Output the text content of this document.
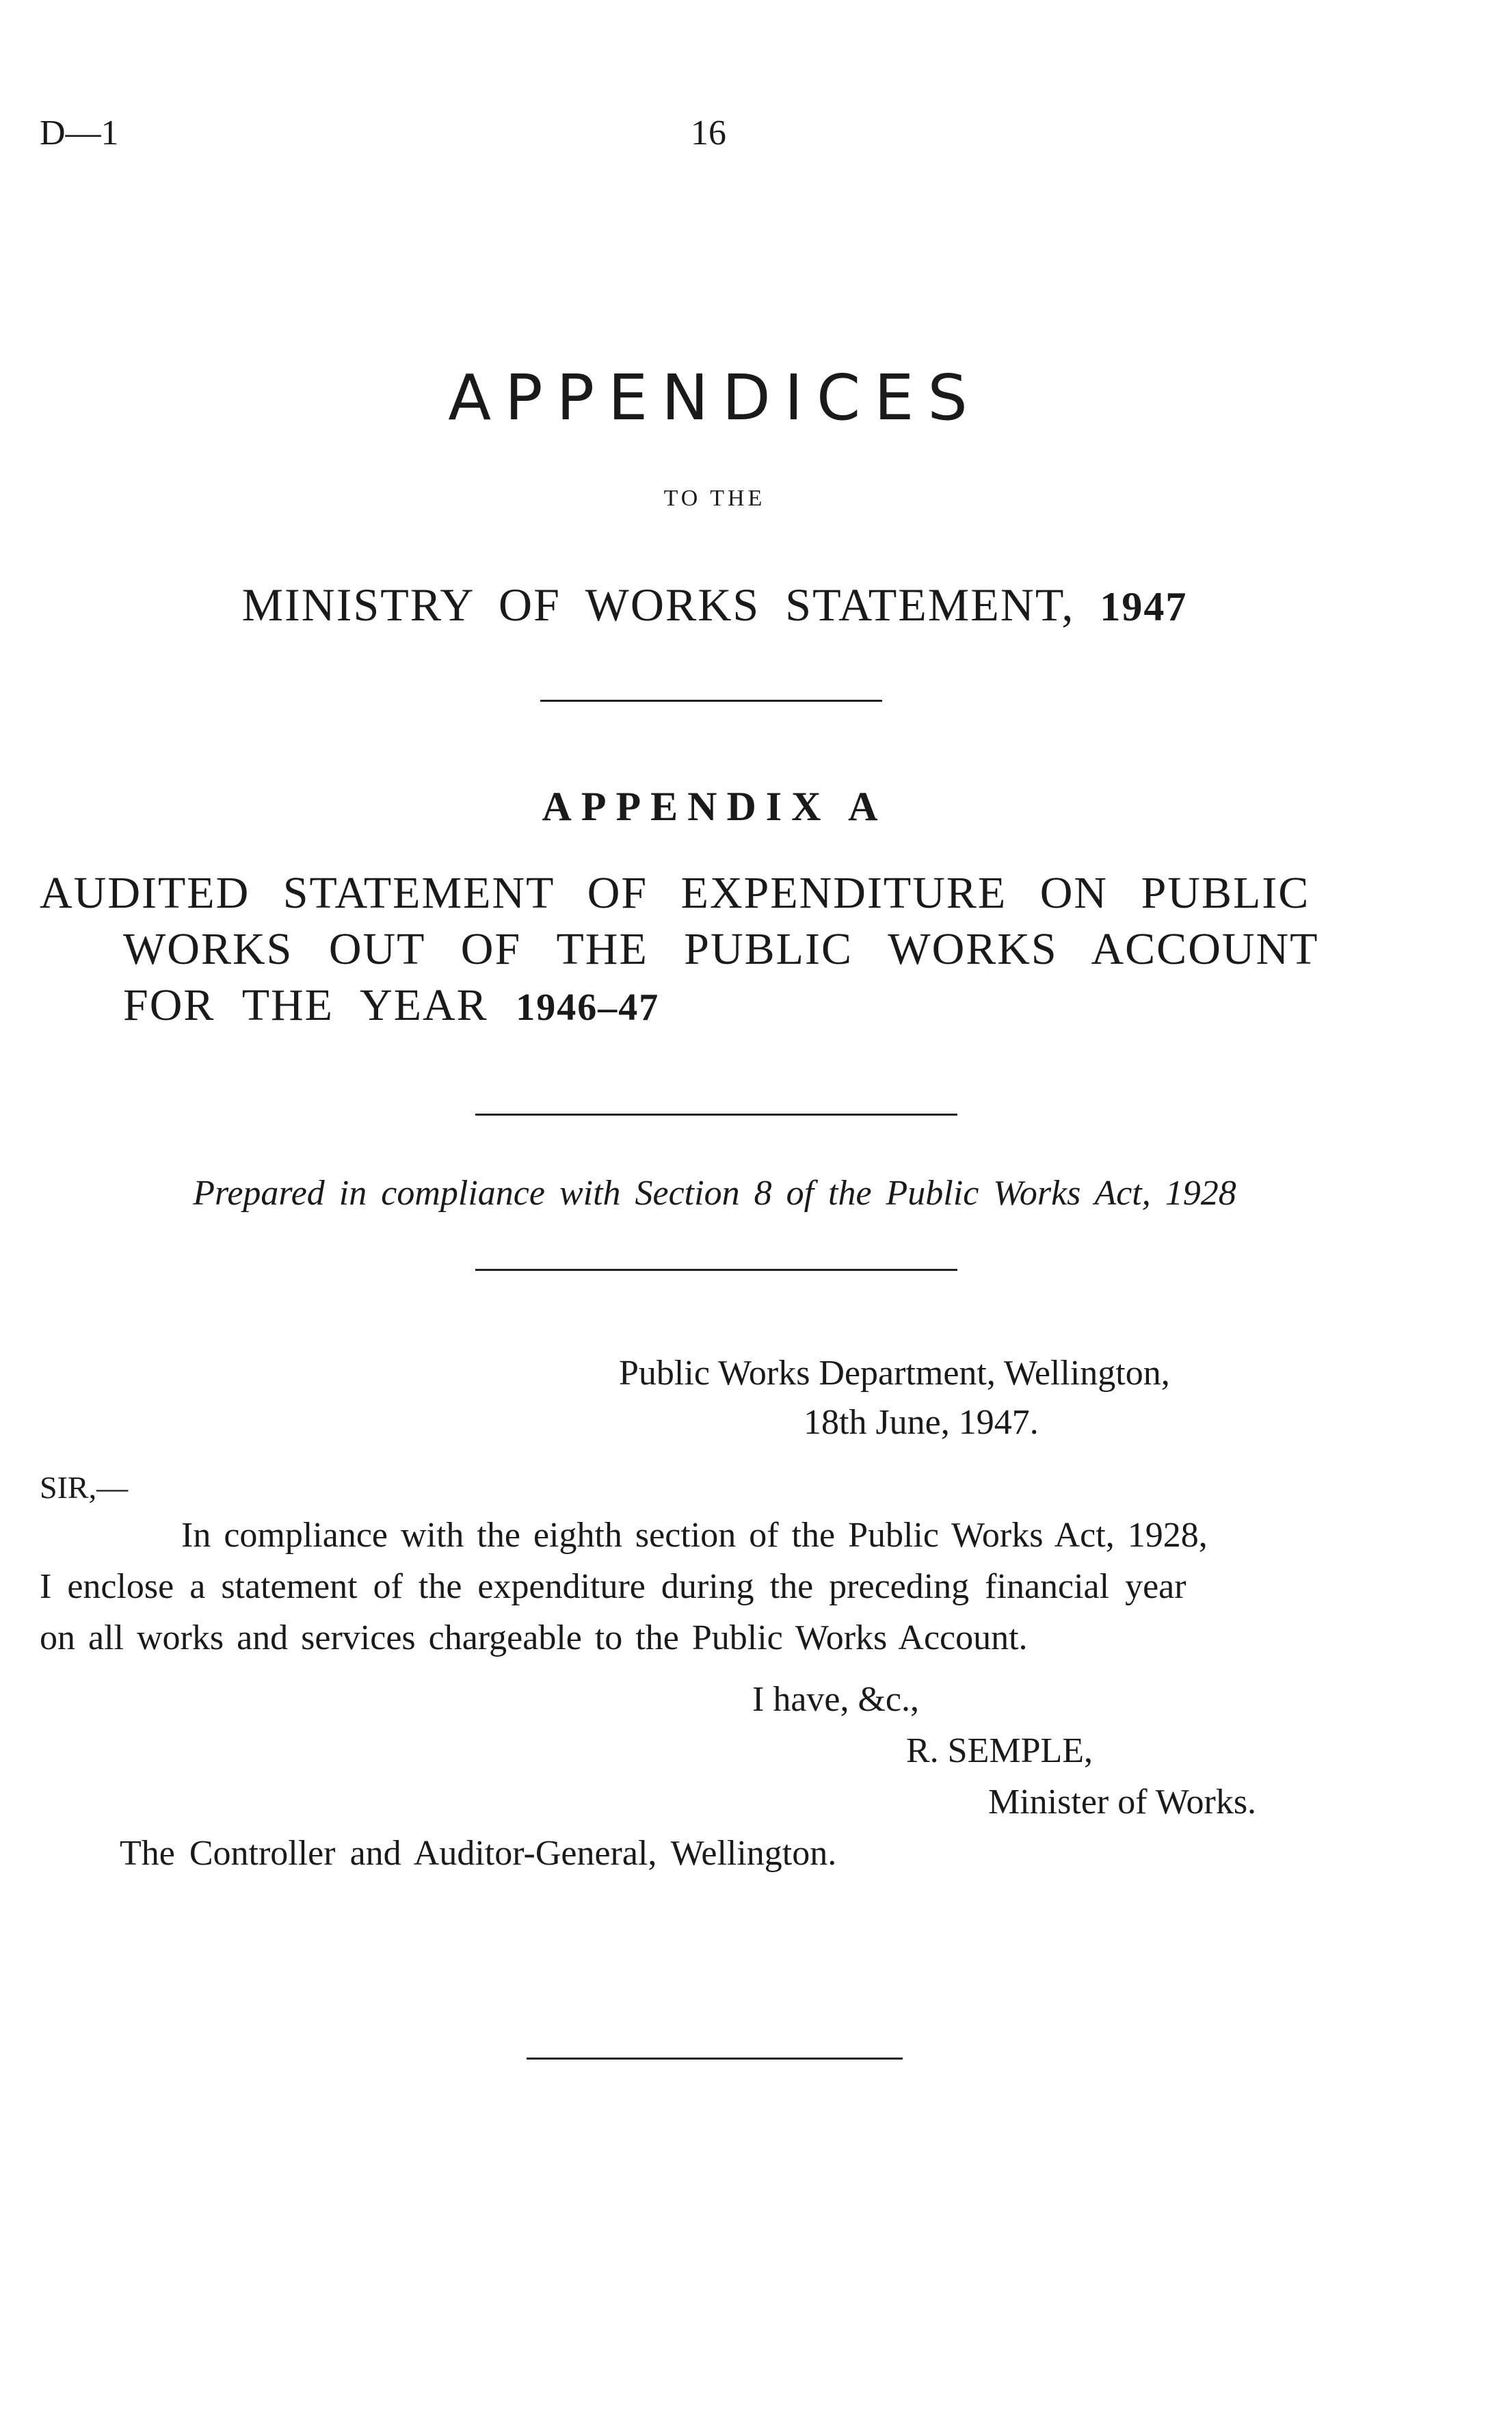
D—1	16
APPENDICES
TO THE
MINISTRY OF WORKS STATEMENT, 1947
APPENDIX A
AUDITED STATEMENT OF EXPENDITURE ON PUBLIC
WORKS OUT OF THE PUBLIC WORKS ACCOUNT
FOR THE YEAR 1946–47
Prepared in compliance with Section 8 of the Public Works Act, 1928
Public Works Department, Wellington,
18th June, 1947.
SIR,—
In compliance with the eighth section of the Public Works Act, 1928,
I enclose a statement of the expenditure during the preceding financial year
on all works and services chargeable to the Public Works Account.
I have, &c.,
R. SEMPLE,
Minister of Works.
The Controller and Auditor-General, Wellington.
